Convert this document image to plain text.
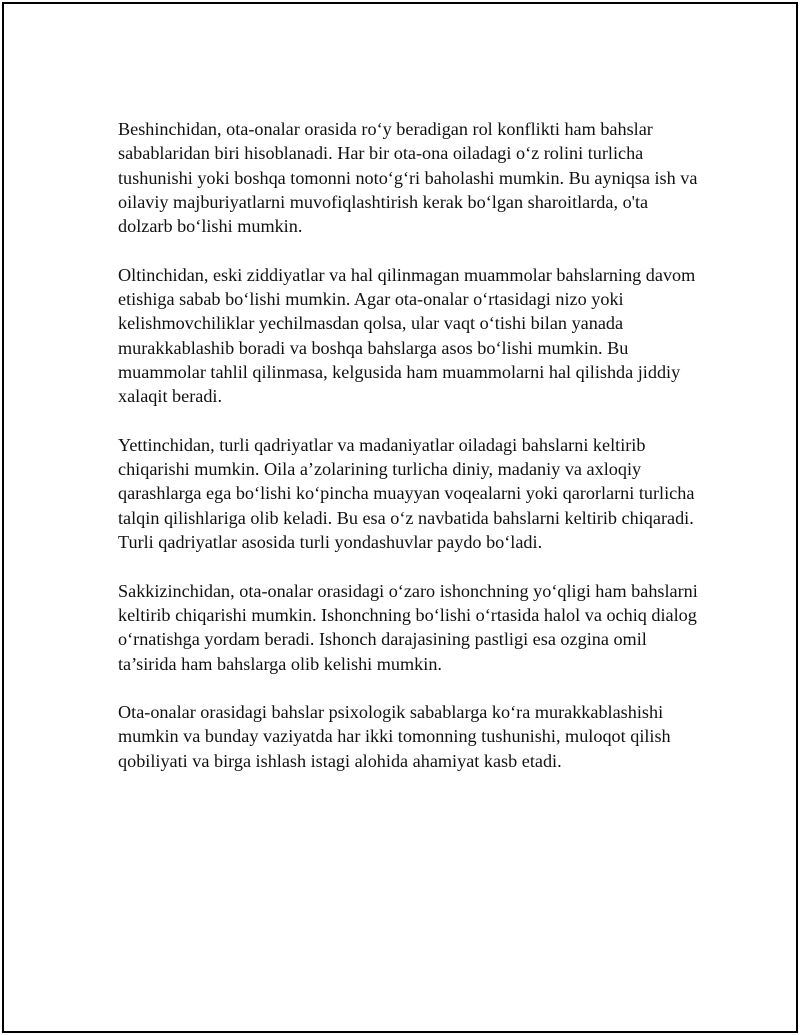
Beshinchidan, ota-onalar orasida ro‘y beradigan rol konflikti ham bahslar sabablaridan biri hisoblanadi. Har bir ota-ona oiladagi o‘z rolini turlicha tushunishi yoki boshqa tomonni noto‘g‘ri baholashi mumkin. Bu ayniqsa ish va oilaviy majburiyatlarni muvofiqlashtirish kerak bo‘lgan sharoitlarda, o'ta dolzarb bo‘lishi mumkin.

Oltinchidan, eski ziddiyatlar va hal qilinmagan muammolar bahslarning davom etishiga sabab bo‘lishi mumkin. Agar ota-onalar o‘rtasidagi nizo yoki kelishmovchiliklar yechilmasdan qolsa, ular vaqt o‘tishi bilan yanada murakkablashib boradi va boshqa bahslarga asos bo‘lishi mumkin. Bu muammolar tahlil qilinmasa, kelgusida ham muammolarni hal qilishda jiddiy xalaqit beradi.

Yettinchidan, turli qadriyatlar va madaniyatlar oiladagi bahslarni keltirib chiqarishi mumkin. Oila a’zolarining turlicha diniy, madaniy va axloqiy qarashlarga ega bo‘lishi ko‘pincha muayyan voqealarni yoki qarorlarni turlicha talqin qilishlariga olib keladi. Bu esa o‘z navbatida bahslarni keltirib chiqaradi. Turli qadriyatlar asosida turli yondashuvlar paydo bo‘ladi.

Sakkizinchidan, ota-onalar orasidagi o‘zaro ishonchning yo‘qligi ham bahslarni keltirib chiqarishi mumkin. Ishonchning bo‘lishi o‘rtasida halol va ochiq dialog o‘rnatishga yordam beradi. Ishonch darajasining pastligi esa ozgina omil ta’sirida ham bahslarga olib kelishi mumkin.

Ota-onalar orasidagi bahslar psixologik sabablarga ko‘ra murakkablashishi mumkin va bunday vaziyatda har ikki tomonning tushunishi, muloqot qilish qobiliyati va birga ishlash istagi alohida ahamiyat kasb etadi.
